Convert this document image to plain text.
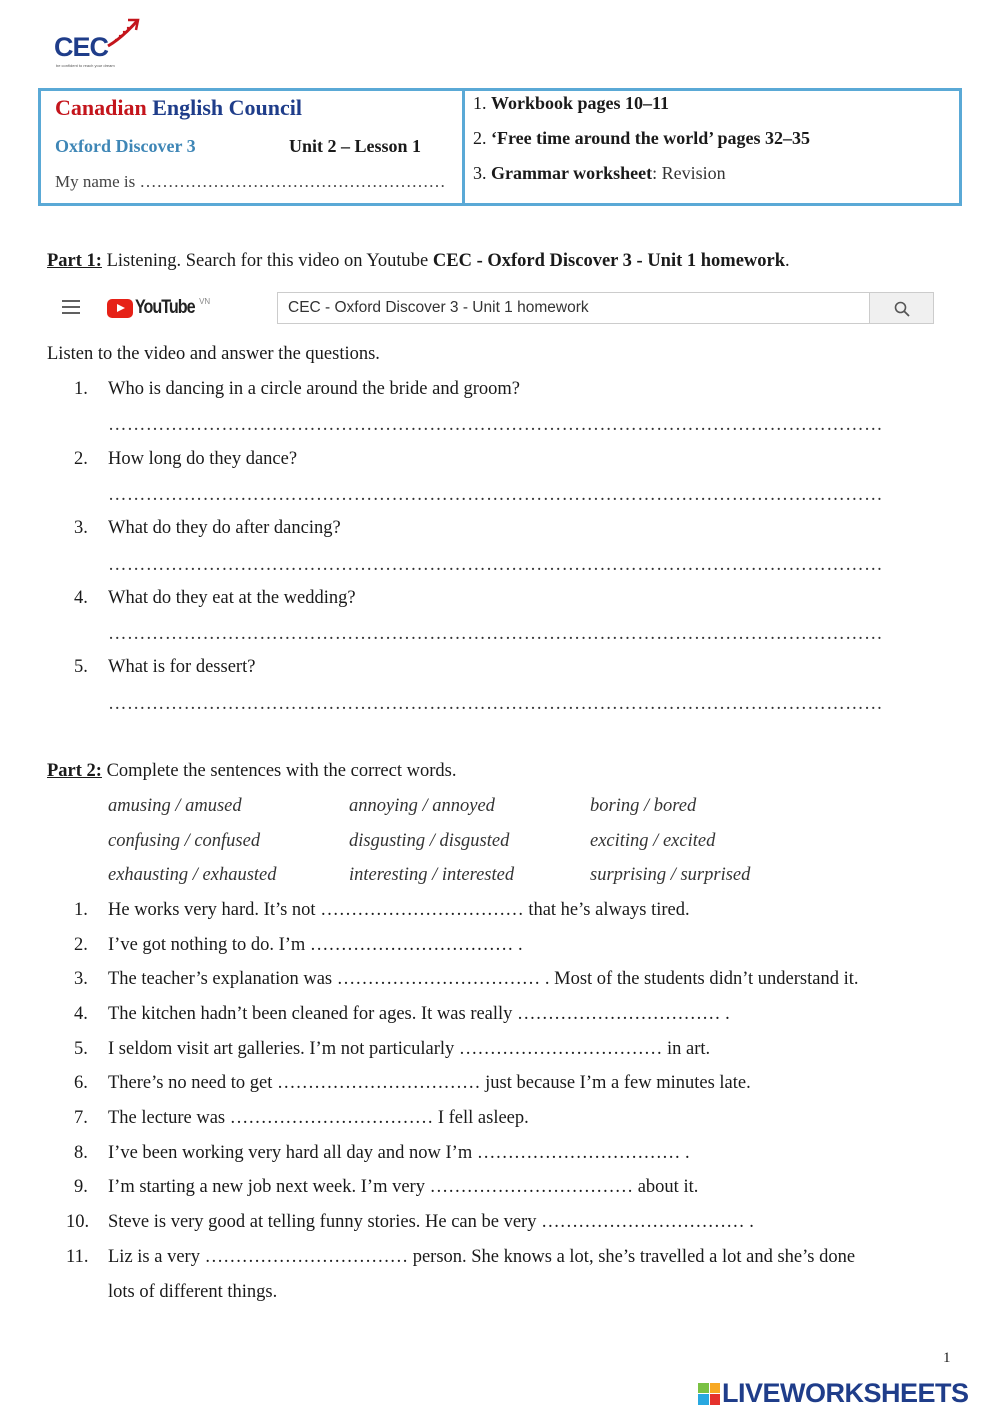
CEC
be confident to reach your dream
Canadian English Council
Oxford Discover 3	Unit 2 – Lesson 1
My name is ………………………………………………
1. Workbook pages 10–11
2. ‘Free time around the world’ pages 32–35
3. Grammar worksheet: Revision
Part 1: Listening. Search for this video on Youtube CEC - Oxford Discover 3 - Unit 1 homework.
YouTube VN	CEC - Oxford Discover 3 - Unit 1 homework
Listen to the video and answer the questions.
1. Who is dancing in a circle around the bride and groom?
……………………………………………………………………………………………………………
2. How long do they dance?
……………………………………………………………………………………………………………
3. What do they do after dancing?
……………………………………………………………………………………………………………
4. What do they eat at the wedding?
……………………………………………………………………………………………………………
5. What is for dessert?
……………………………………………………………………………………………………………
Part 2: Complete the sentences with the correct words.
amusing / amused	annoying / annoyed	boring / bored
confusing / confused	disgusting / disgusted	exciting / excited
exhausting / exhausted	interesting / interested	surprising / surprised
1. He works very hard. It’s not …………………………… that he’s always tired.
2. I’ve got nothing to do. I’m …………………………… .
3. The teacher’s explanation was …………………………… . Most of the students didn’t understand it.
4. The kitchen hadn’t been cleaned for ages. It was really …………………………… .
5. I seldom visit art galleries. I’m not particularly …………………………… in art.
6. There’s no need to get …………………………… just because I’m a few minutes late.
7. The lecture was …………………………… I fell asleep.
8. I’ve been working very hard all day and now I’m …………………………… .
9. I’m starting a new job next week. I’m very …………………………… about it.
10. Steve is very good at telling funny stories. He can be very …………………………… .
11. Liz is a very …………………………… person. She knows a lot, she’s travelled a lot and she’s done
lots of different things.
1
LIVEWORKSHEETS
